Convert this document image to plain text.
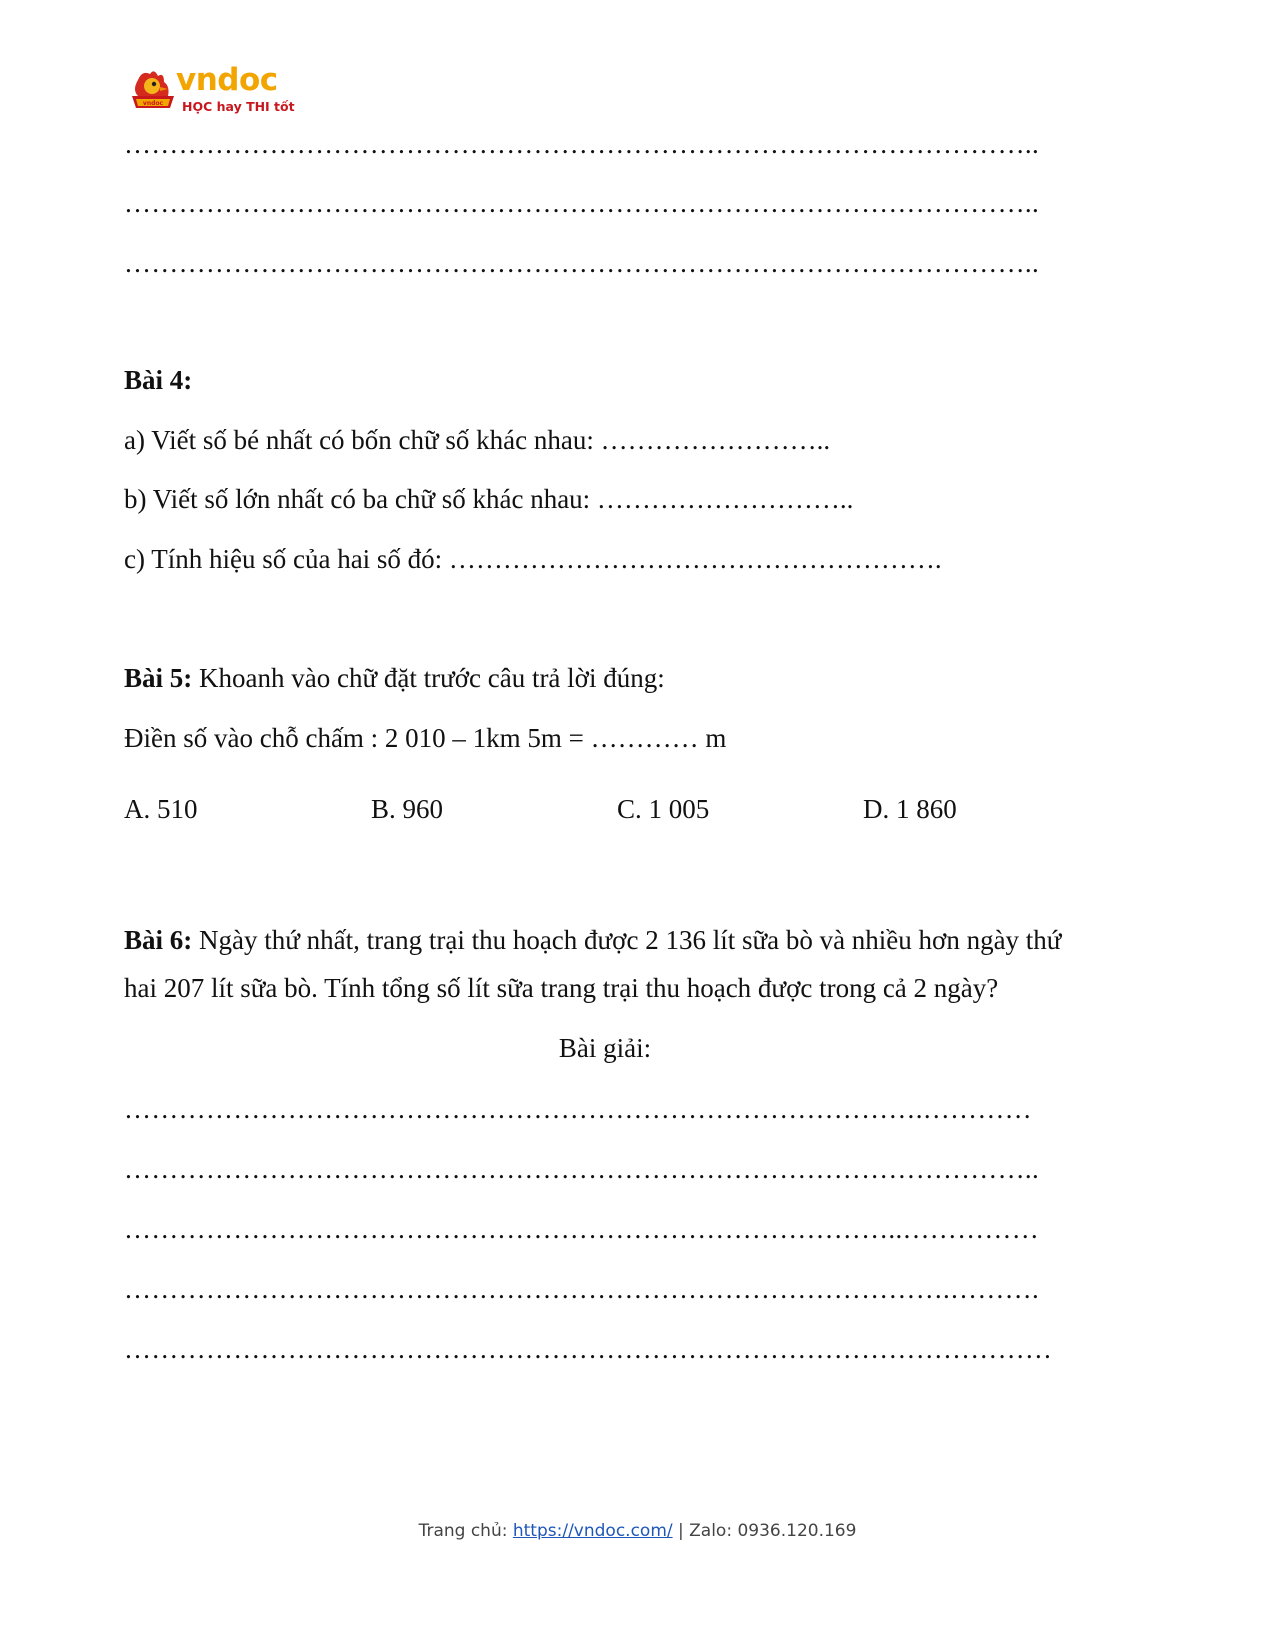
vndoc
vndoc
HỌC hay THI tốt
………………………………………………………………………………………..
………………………………………………………………………………………..
………………………………………………………………………………………..
Bài 4:
a) Viết số bé nhất có bốn chữ số khác nhau: ……………………..
b) Viết số lớn nhất có ba chữ số khác nhau: ………………………..
c) Tính hiệu số của hai số đó: ……………………………………………….
Bài 5: Khoanh vào chữ đặt trước câu trả lời đúng:
Điền số vào chỗ chấm : 2 010 – 1km 5m = ………… m
A. 510	B. 960	C. 1 005	D. 1 860
Bài 6: Ngày thứ nhất, trang trại thu hoạch được 2 136 lít sữa bò và nhiều hơn ngày thứ
hai 207 lít sữa bò. Tính tổng số lít sữa trang trại thu hoạch được trong cả 2 ngày?
Bài giải:
…………………………………………………………………………….…………
………………………………………………………………………………………..
…………………………………………………………………………..……………
……………………………………………………………………………….……….
…………………………………………………………………………………………
Trang chủ: https://vndoc.com/ | Zalo: 0936.120.169
